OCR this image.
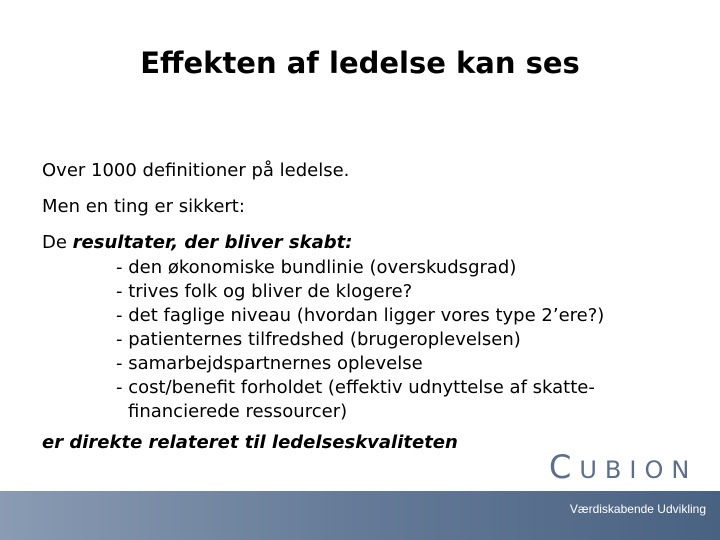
Effekten af ledelse kan ses
Over 1000 definitioner på ledelse.
Men en ting er sikkert:
De resultater, der bliver skabt:
- den økonomiske bundlinie (overskudsgrad)
- trives folk og bliver de klogere?
- det faglige niveau (hvordan ligger vores type 2’ere?)
- patienternes tilfredshed (brugeroplevelsen)
- samarbejdspartnernes oplevelse
- cost/benefit forholdet (effektiv udnyttelse af skatte-
financierede ressourcer)
er direkte relateret til ledelseskvaliteten
CUBION
Værdiskabende Udvikling
